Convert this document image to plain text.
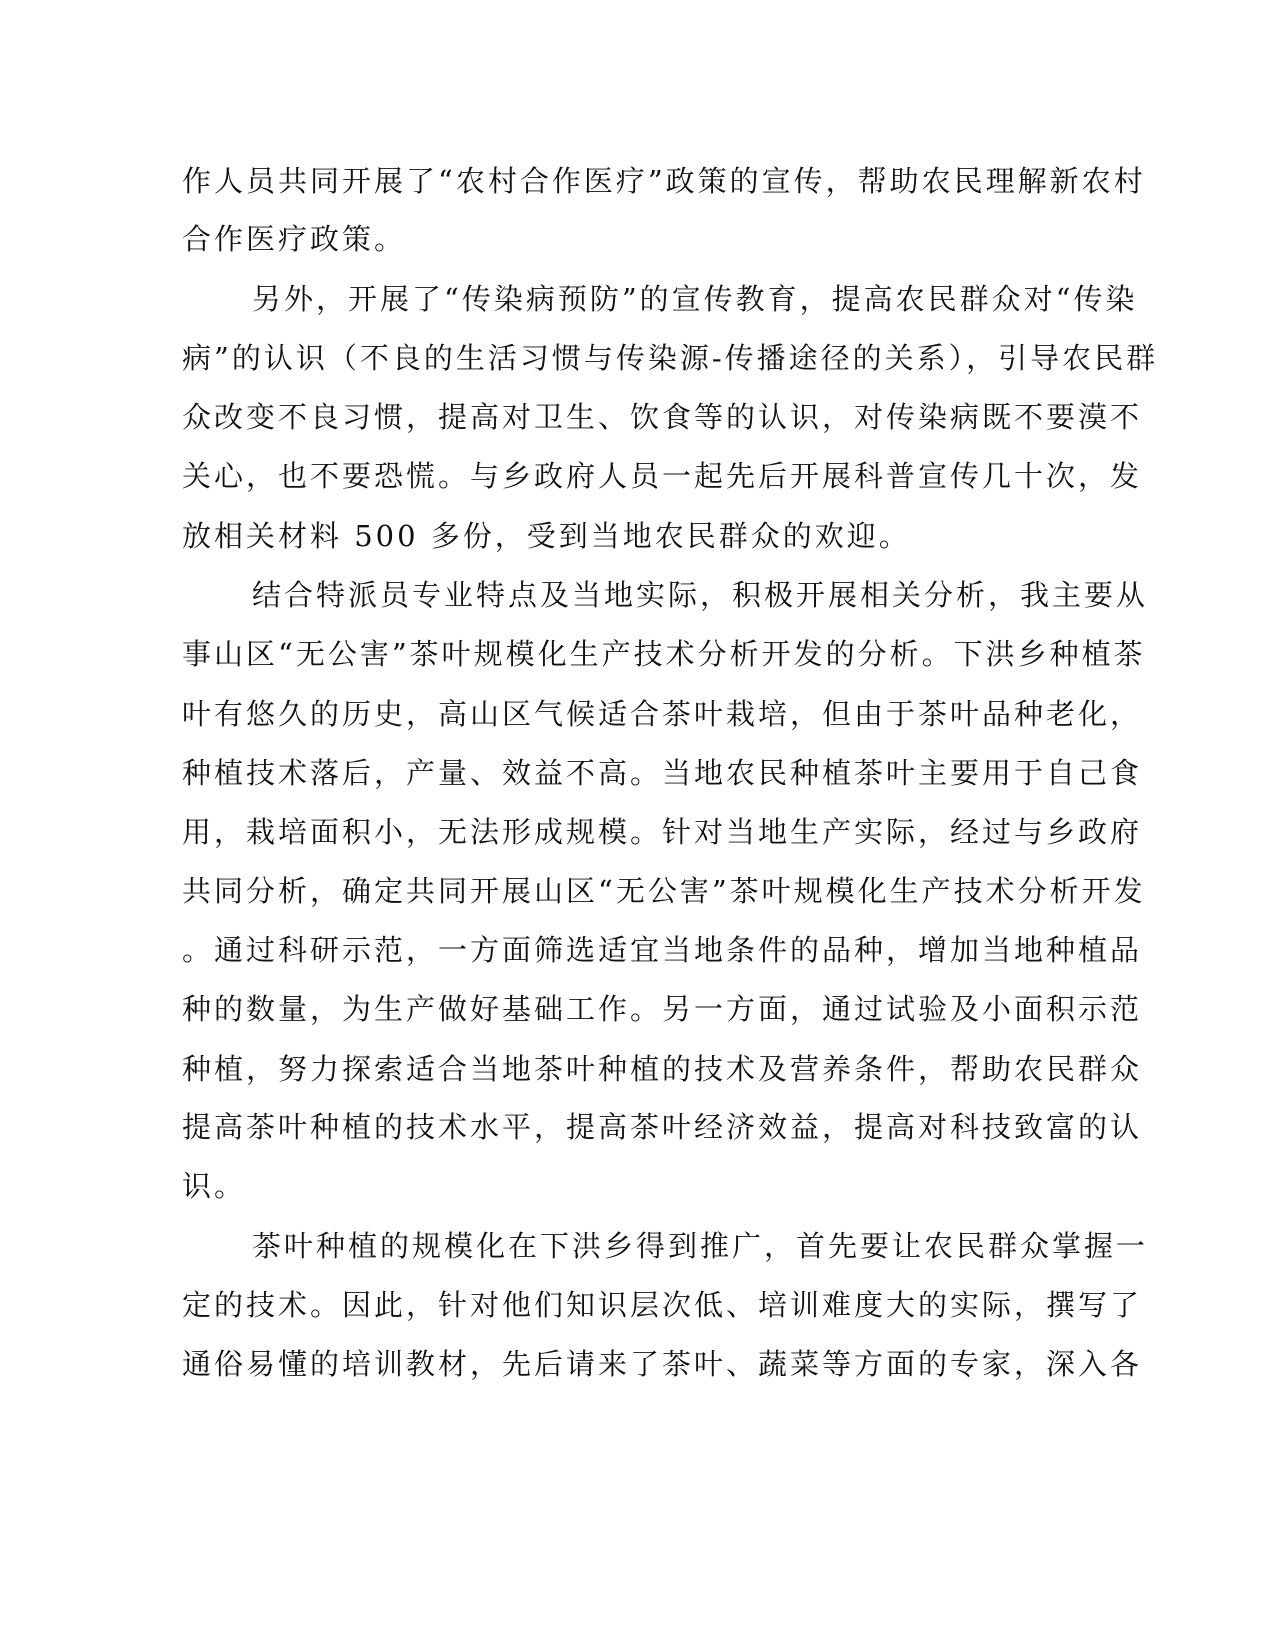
作人员共同开展了“农村合作医疗”政策的宣传，帮助农民理解新农村
合作医疗政策。
另外，开展了“传染病预防”的宣传教育，提高农民群众对“传染
病”的认识（不良的生活习惯与传染源-传播途径的关系），引导农民群
众改变不良习惯，提高对卫生、饮食等的认识，对传染病既不要漠不
关心，也不要恐慌。与乡政府人员一起先后开展科普宣传几十次，发
放相关材料 500 多份，受到当地农民群众的欢迎。
结合特派员专业特点及当地实际，积极开展相关分析，我主要从
事山区“无公害”茶叶规模化生产技术分析开发的分析。下洪乡种植茶
叶有悠久的历史，高山区气候适合茶叶栽培，但由于茶叶品种老化，
种植技术落后，产量、效益不高。当地农民种植茶叶主要用于自己食
用，栽培面积小，无法形成规模。针对当地生产实际，经过与乡政府
共同分析，确定共同开展山区“无公害”茶叶规模化生产技术分析开发
。通过科研示范，一方面筛选适宜当地条件的品种，增加当地种植品
种的数量，为生产做好基础工作。另一方面，通过试验及小面积示范
种植，努力探索适合当地茶叶种植的技术及营养条件，帮助农民群众
提高茶叶种植的技术水平，提高茶叶经济效益，提高对科技致富的认
识。
茶叶种植的规模化在下洪乡得到推广，首先要让农民群众掌握一
定的技术。因此，针对他们知识层次低、培训难度大的实际，撰写了
通俗易懂的培训教材，先后请来了茶叶、蔬菜等方面的专家，深入各
